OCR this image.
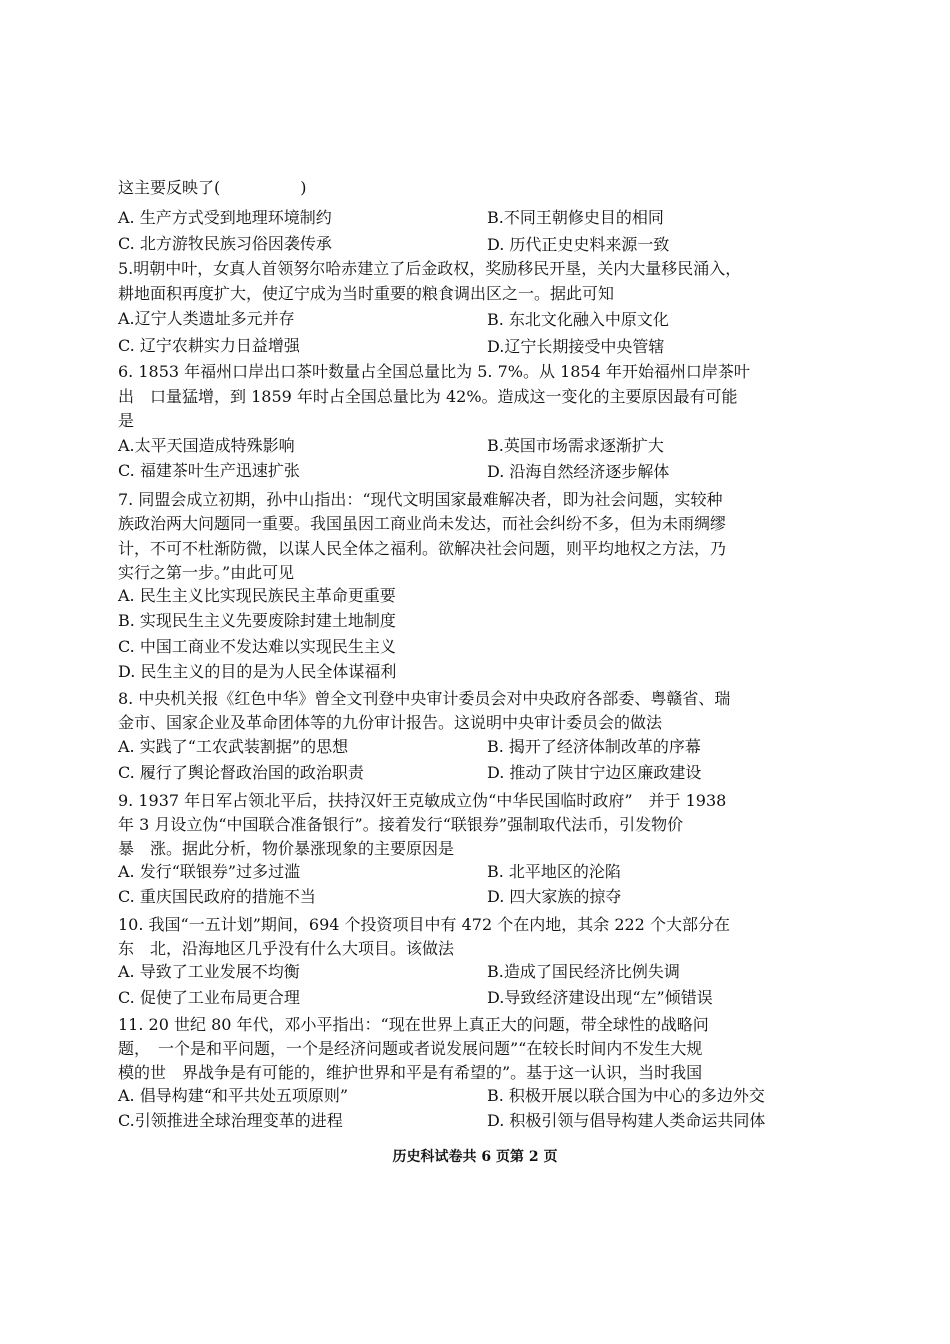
这主要反映了(　　　　　)
A. 生产方式受到地理环境制约	B.不同王朝修史目的相同
C. 北方游牧民族习俗因袭传承	D. 历代正史史料来源一致
5.明朝中叶，女真人首领努尔哈赤建立了后金政权，奖励移民开垦，关内大量移民涌入，
耕地面积再度扩大，使辽宁成为当时重要的粮食调出区之一。据此可知
A.辽宁人类遗址多元并存	B. 东北文化融入中原文化
C. 辽宁农耕实力日益增强	D.辽宁长期接受中央管辖
6. 1853 年福州口岸出口茶叶数量占全国总量比为 5. 7%。从 1854 年开始福州口岸茶叶
出　口量猛增，到 1859 年时占全国总量比为 42%。造成这一变化的主要原因最有可能
是
A.太平天国造成特殊影响	B.英国市场需求逐渐扩大
C. 福建茶叶生产迅速扩张	D. 沿海自然经济逐步解体
7. 同盟会成立初期，孙中山指出：“现代文明国家最难解决者，即为社会问题，实较种
族政治两大问题同一重要。我国虽因工商业尚未发达，而社会纠纷不多，但为未雨绸缪
计，不可不杜渐防微，以谋人民全体之福利。欲解决社会问题，则平均地权之方法，乃
实行之第一步。”由此可见
A. 民生主义比实现民族民主革命更重要
B. 实现民生主义先要废除封建土地制度
C. 中国工商业不发达难以实现民生主义
D. 民生主义的目的是为人民全体谋福利
8. 中央机关报《红色中华》曾全文刊登中央审计委员会对中央政府各部委、粤赣省、瑞
金市、国家企业及革命团体等的九份审计报告。这说明中央审计委员会的做法
A. 实践了“工农武装割据”的思想	B. 揭开了经济体制改革的序幕
C. 履行了舆论督政治国的政治职责	D. 推动了陕甘宁边区廉政建设
9. 1937 年日军占领北平后，扶持汉奸王克敏成立伪“中华民国临时政府”　并于 1938
年 3 月设立伪“中国联合准备银行”。接着发行“联银券”强制取代法币，引发物价
暴　涨。据此分析，物价暴涨现象的主要原因是
A. 发行“联银券”过多过滥	B. 北平地区的沦陷
C. 重庆国民政府的措施不当	D. 四大家族的掠夺
10. 我国“一五计划”期间，694 个投资项目中有 472 个在内地，其余 222 个大部分在
东　北，沿海地区几乎没有什么大项目。该做法
A. 导致了工业发展不均衡	B.造成了国民经济比例失调
C. 促使了工业布局更合理	D.导致经济建设出现“左”倾错误
11. 20 世纪 80 年代，邓小平指出：“现在世界上真正大的问题，带全球性的战略问
题，　一个是和平问题，一个是经济问题或者说发展问题”“在较长时间内不发生大规
模的世　界战争是有可能的，维护世界和平是有希望的”。基于这一认识，当时我国
A. 倡导构建“和平共处五项原则”	B. 积极开展以联合国为中心的多边外交
C.引领推进全球治理变革的进程	D. 积极引领与倡导构建人类命运共同体
历史科试卷共 6 页第 2 页
